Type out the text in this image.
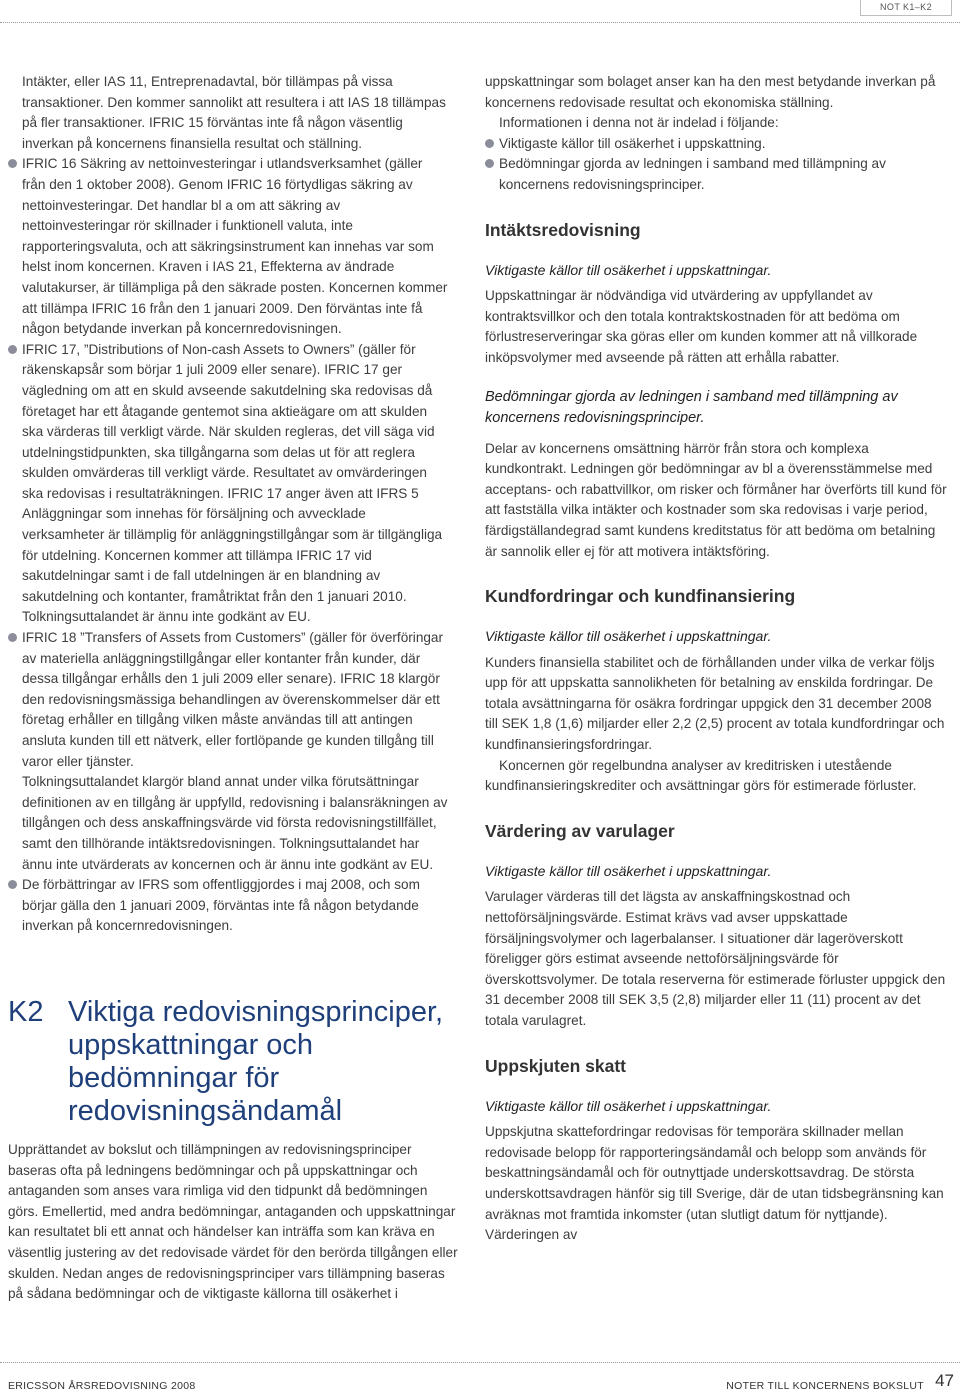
NOT K1–K2

Intäkter, eller IAS 11, Entreprenadavtal, bör tillämpas på vissa transaktioner. Den kommer sannolikt att resultera i att IAS 18 tillämpas på fler transaktioner. IFRIC 15 förväntas inte få någon väsentlig inverkan på koncernens finansiella resultat och ställning.

IFRIC 16 Säkring av nettoinvesteringar i utlandsverksamhet (gäller från den 1 oktober 2008). Genom IFRIC 16 förtydligas säkring av nettoinvesteringar. Det handlar bl a om att säkring av nettoinvesteringar rör skillnader i funktionell valuta, inte rapporteringsvaluta, och att säkringsinstrument kan innehas var som helst inom koncernen. Kraven i IAS 21, Effekterna av ändrade valutakurser, är tillämpliga på den säkrade posten. Koncernen kommer att tillämpa IFRIC 16 från den 1 januari 2009. Den förväntas inte få någon betydande inverkan på koncernredovisningen.
IFRIC 17, ”Distributions of Non-cash Assets to Owners” (gäller för räkenskapsår som börjar 1 juli 2009 eller senare). IFRIC 17 ger vägledning om att en skuld avseende sakutdelning ska redovisas då företaget har ett åtagande gentemot sina aktieägare om att skulden ska värderas till verkligt värde. När skulden regleras, det vill säga vid utdelningstidpunkten, ska tillgångarna som delas ut för att reglera skulden omvärderas till verkligt värde. Resultatet av omvärderingen ska redovisas i resultaträkningen. IFRIC 17 anger även att IFRS 5 Anläggningar som innehas för försäljning och avvecklade verksamheter är tillämplig för anläggningstillgångar som är tillgängliga för utdelning. Koncernen kommer att tillämpa IFRIC 17 vid sakutdelningar samt i de fall utdelningen är en blandning av sakutdelning och kontanter, framåtriktat från den 1 januari 2010. Tolkningsuttalandet är ännu inte godkänt av EU.
IFRIC 18 ”Transfers of Assets from Customers” (gäller för överföringar av materiella anläggningstillgångar eller kontanter från kunder, där dessa tillgångar erhålls den 1 juli 2009 eller senare). IFRIC 18 klargör den redovisningsmässiga behandlingen av överenskommelser där ett företag erhåller en tillgång vilken måste användas till att antingen ansluta kunden till ett nätverk, eller fortlöpande ge kunden tillgång till varor eller tjänster.

Tolkningsuttalandet klargör bland annat under vilka förutsättningar definitionen av en tillgång är uppfylld, redovisning i balansräkningen av tillgången och dess anskaffningsvärde vid första redovisningstillfället, samt den tillhörande intäktsredovisningen. Tolkningsuttalandet har ännu inte utvärderats av koncernen och är ännu inte godkänt av EU.

De förbättringar av IFRS som offentliggjordes i maj 2008, och som börjar gälla den 1 januari 2009, förväntas inte få någon betydande inverkan på koncernredovisningen.
K2 Viktiga redovisningsprinciper, uppskattningar och bedömningar för redovisningsändamål

Upprättandet av bokslut och tillämpningen av redovisningsprinciper baseras ofta på ledningens bedömningar och på uppskattningar och antaganden som anses vara rimliga vid den tidpunkt då bedömningen görs. Emellertid, med andra bedömningar, antaganden och uppskattningar kan resultatet bli ett annat och händelser kan inträffa som kan kräva en väsentlig justering av det redovisade värdet för den berörda tillgången eller skulden. Nedan anges de redovisningsprinciper vars tillämpning baseras på sådana bedömningar och de viktigaste källorna till osäkerhet i

uppskattningar som bolaget anser kan ha den mest betydande inverkan på koncernens redovisade resultat och ekonomiska ställning.

Informationen i denna not är indelad i följande:

Viktigaste källor till osäkerhet i uppskattning.
Bedömningar gjorda av ledningen i samband med tillämpning av koncernens redovisningsprinciper.
Intäktsredovisning

Viktigaste källor till osäkerhet i uppskattningar.

Uppskattningar är nödvändiga vid utvärdering av uppfyllandet av kontraktsvillkor och den totala kontraktskostnaden för att bedöma om förlustreserveringar ska göras eller om kunden kommer att nå villkorade inköpsvolymer med avseende på rätten att erhålla rabatter.

Bedömningar gjorda av ledningen i samband med tillämpning av koncernens redovisningsprinciper.

Delar av koncernens omsättning härrör från stora och komplexa kundkontrakt. Ledningen gör bedömningar av bl a överensstämmelse med acceptans- och rabattvillkor, om risker och förmåner har överförts till kund för att fastställa vilka intäkter och kostnader som ska redovisas i varje period, färdigställandegrad samt kundens kreditstatus för att bedöma om betalning är sannolik eller ej för att motivera intäktsföring.

Kundfordringar och kundfinansiering

Viktigaste källor till osäkerhet i uppskattningar.

Kunders finansiella stabilitet och de förhållanden under vilka de verkar följs upp för att uppskatta sannolikheten för betalning av enskilda fordringar. De totala avsättningarna för osäkra fordringar uppgick den 31 december 2008 till SEK 1,8 (1,6) miljarder eller 2,2 (2,5) procent av totala kundfordringar och kundfinansieringsfordringar.

Koncernen gör regelbundna analyser av kreditrisken i utestående kundfinansieringskrediter och avsättningar görs för estimerade förluster.

Värdering av varulager

Viktigaste källor till osäkerhet i uppskattningar.

Varulager värderas till det lägsta av anskaffningskostnad och nettoförsäljningsvärde. Estimat krävs vad avser uppskattade försäljningsvolymer och lagerbalanser. I situationer där lageröverskott föreligger görs estimat avseende nettoförsäljningsvärde för överskottsvolymer. De totala reserverna för estimerade förluster uppgick den 31 december 2008 till SEK 3,5 (2,8) miljarder eller 11 (11) procent av det totala varulagret.

Uppskjuten skatt

Viktigaste källor till osäkerhet i uppskattningar.

Uppskjutna skattefordringar redovisas för temporära skillnader mellan redovisade belopp för rapporteringsändamål och belopp som används för beskattningsändamål och för outnyttjade underskottsavdrag. De största underskottsavdragen hänför sig till Sverige, där de utan tidsbegränsning kan avräknas mot framtida inkomster (utan slutligt datum för nyttjande). Värderingen av

ERICSSON ÅRSREDOVISNING 2008	NOTER TILL KONCERNENS BOKSLUT 47
